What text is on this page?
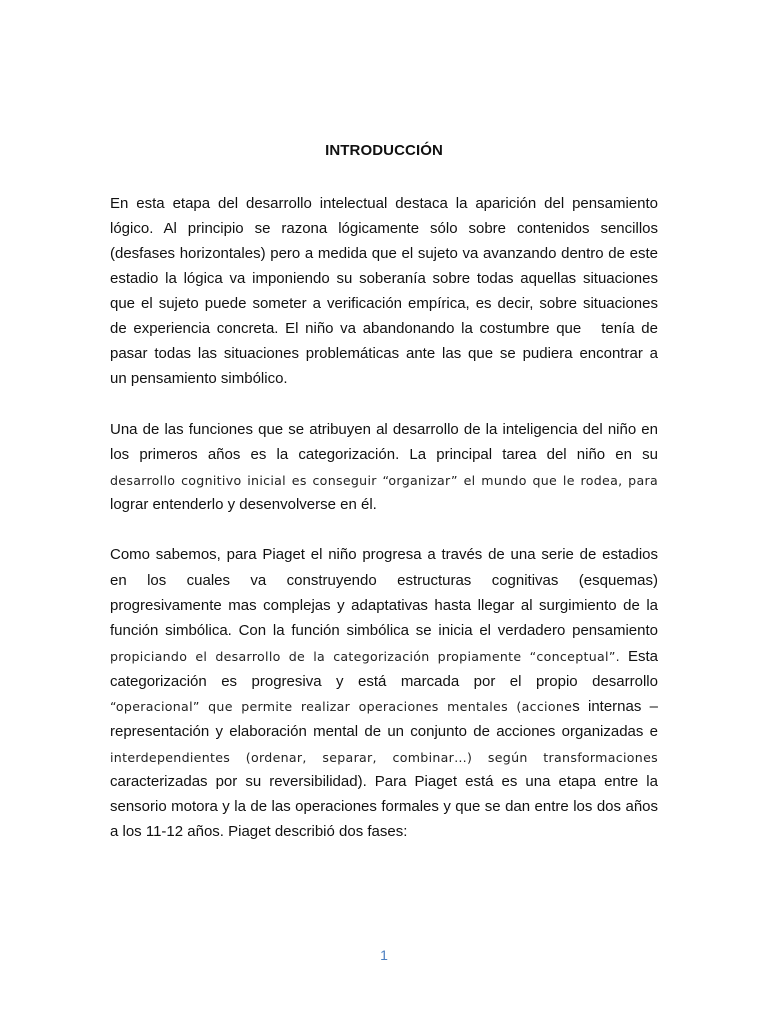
INTRODUCCIÓN
En esta etapa del desarrollo intelectual destaca la aparición del pensamiento
lógico. Al principio se razona lógicamente sólo sobre contenidos sencillos
(desfases horizontales) pero a medida que el sujeto va avanzando dentro de este
estadio la lógica va imponiendo su soberanía sobre todas aquellas situaciones
que el sujeto puede someter a verificación empírica, es decir, sobre situaciones
de experiencia concreta. El niño va abandonando la costumbre que   tenía de
pasar todas las situaciones problemáticas ante las que se pudiera encontrar a
un pensamiento simbólico.
Una de las funciones que se atribuyen al desarrollo de la inteligencia del niño en
los primeros años es la categorización. La principal tarea del niño en su
desarrollo cognitivo inicial es conseguir “organizar” el mundo que le rodea, para
lograr entenderlo y desenvolverse en él.
Como sabemos, para Piaget el niño progresa a través de una serie de estadios
en los cuales va construyendo estructuras cognitivas (esquemas)
progresivamente mas complejas y adaptativas hasta llegar al surgimiento de la
función simbólica. Con la función simbólica se inicia el verdadero pensamiento
propiciando el desarrollo de la categorización propiamente “conceptual”. Esta
categorización es progresiva y está marcada por el propio desarrollo
“operacional” que permite realizar operaciones mentales (acciones internas –
representación y elaboración mental de un conjunto de acciones organizadas e
interdependientes (ordenar, separar, combinar…) según transformaciones
caracterizadas por su reversibilidad). Para Piaget está es una etapa entre la
sensorio motora y la de las operaciones formales y que se dan entre los dos años
a los 11-12 años. Piaget describió dos fases:
1
